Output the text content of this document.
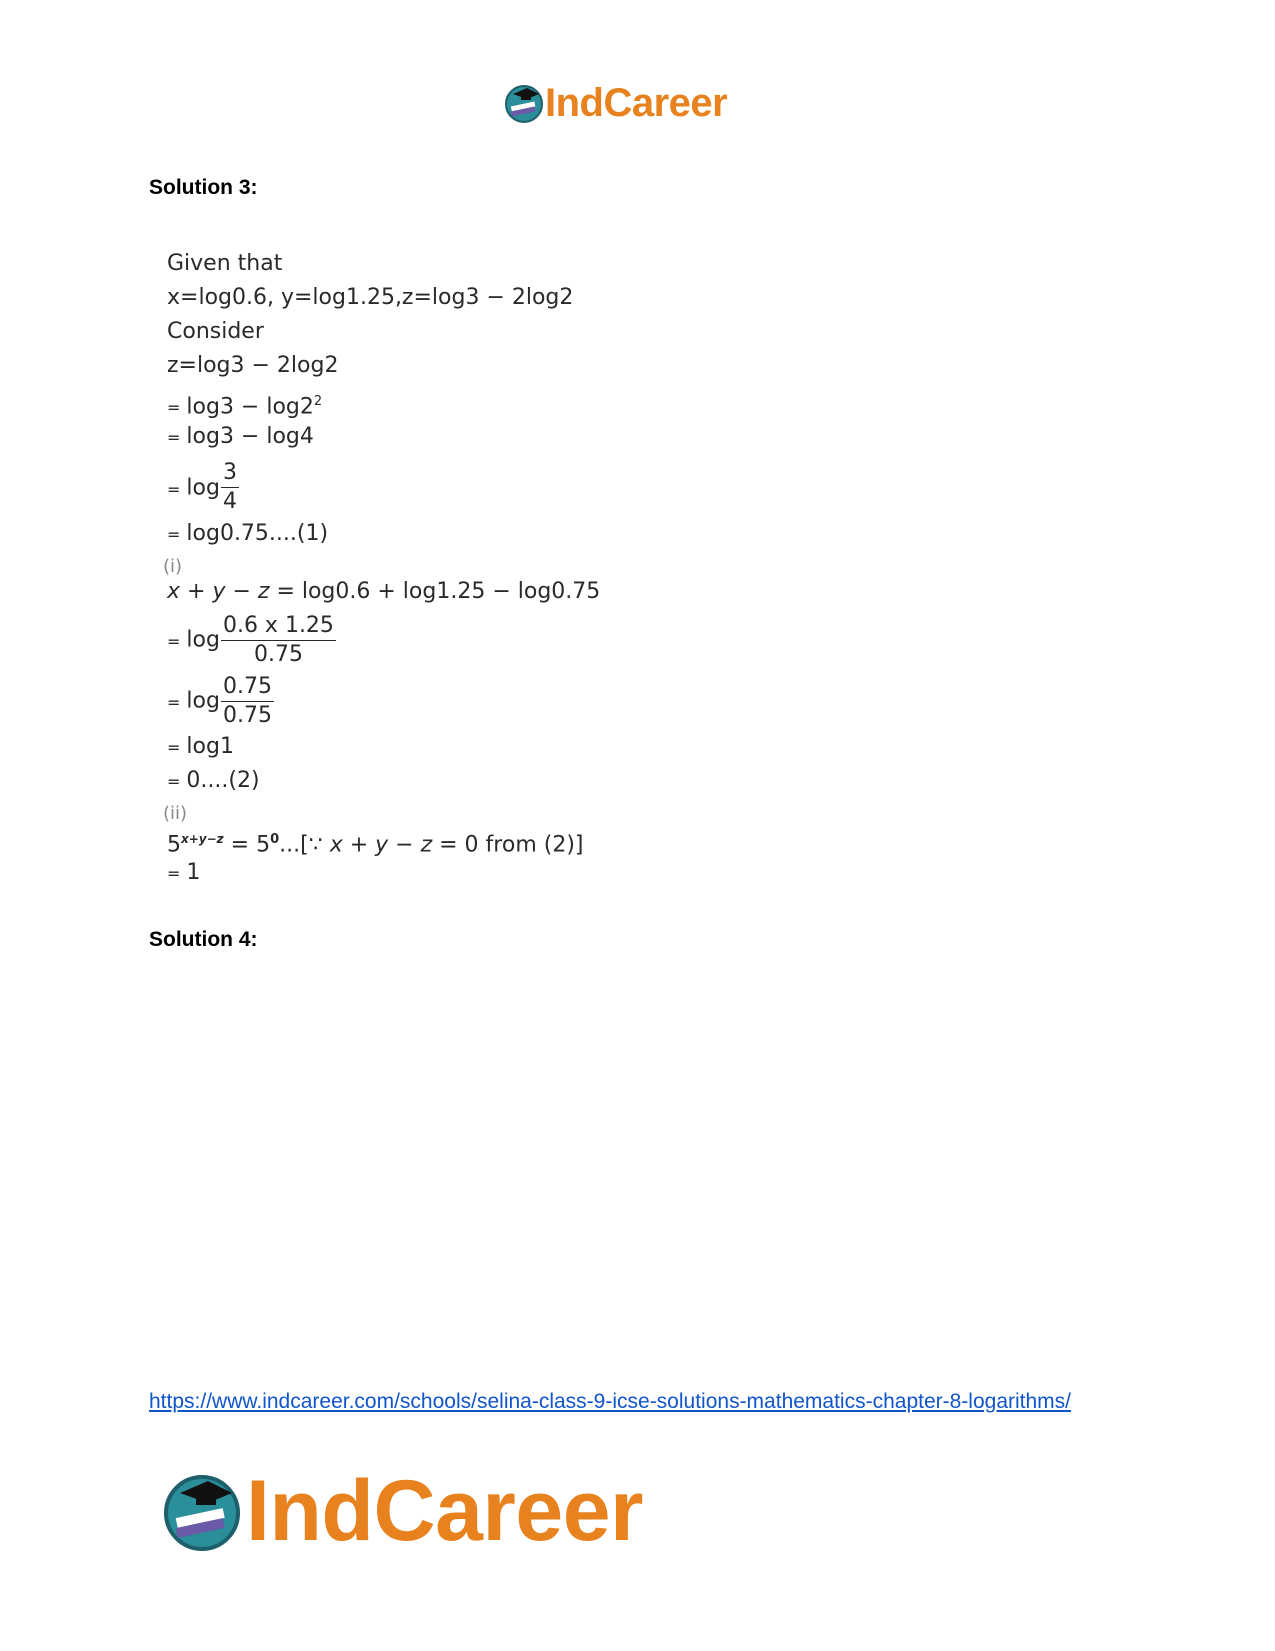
IndCareer
Solution 3:
Given that
x=log0.6, y=log1.25,z=log3 − 2log2
Consider
z=log3 − 2log2
= $\log 3 - \log 2^2$
= log3 − log4
= $\log \frac{3}{4}$
= log0.75....(1)
(i)
x + y − z = log0.6 + log1.25 − log0.75
= $\log \frac{0.6 x 1.25}{0.75}$
= $\log \frac{0.75}{0.75}$
= log1
= 0....(2)
(ii)
$5^{x+y-z}$ = $5^0...[\because$ x + y − z = 0 from (2)]
= 1
Solution 4:
https://www.indcareer.com/schools/selina-class-9-icse-solutions-mathematics-chapter-8-logarithms/
IndCareer
